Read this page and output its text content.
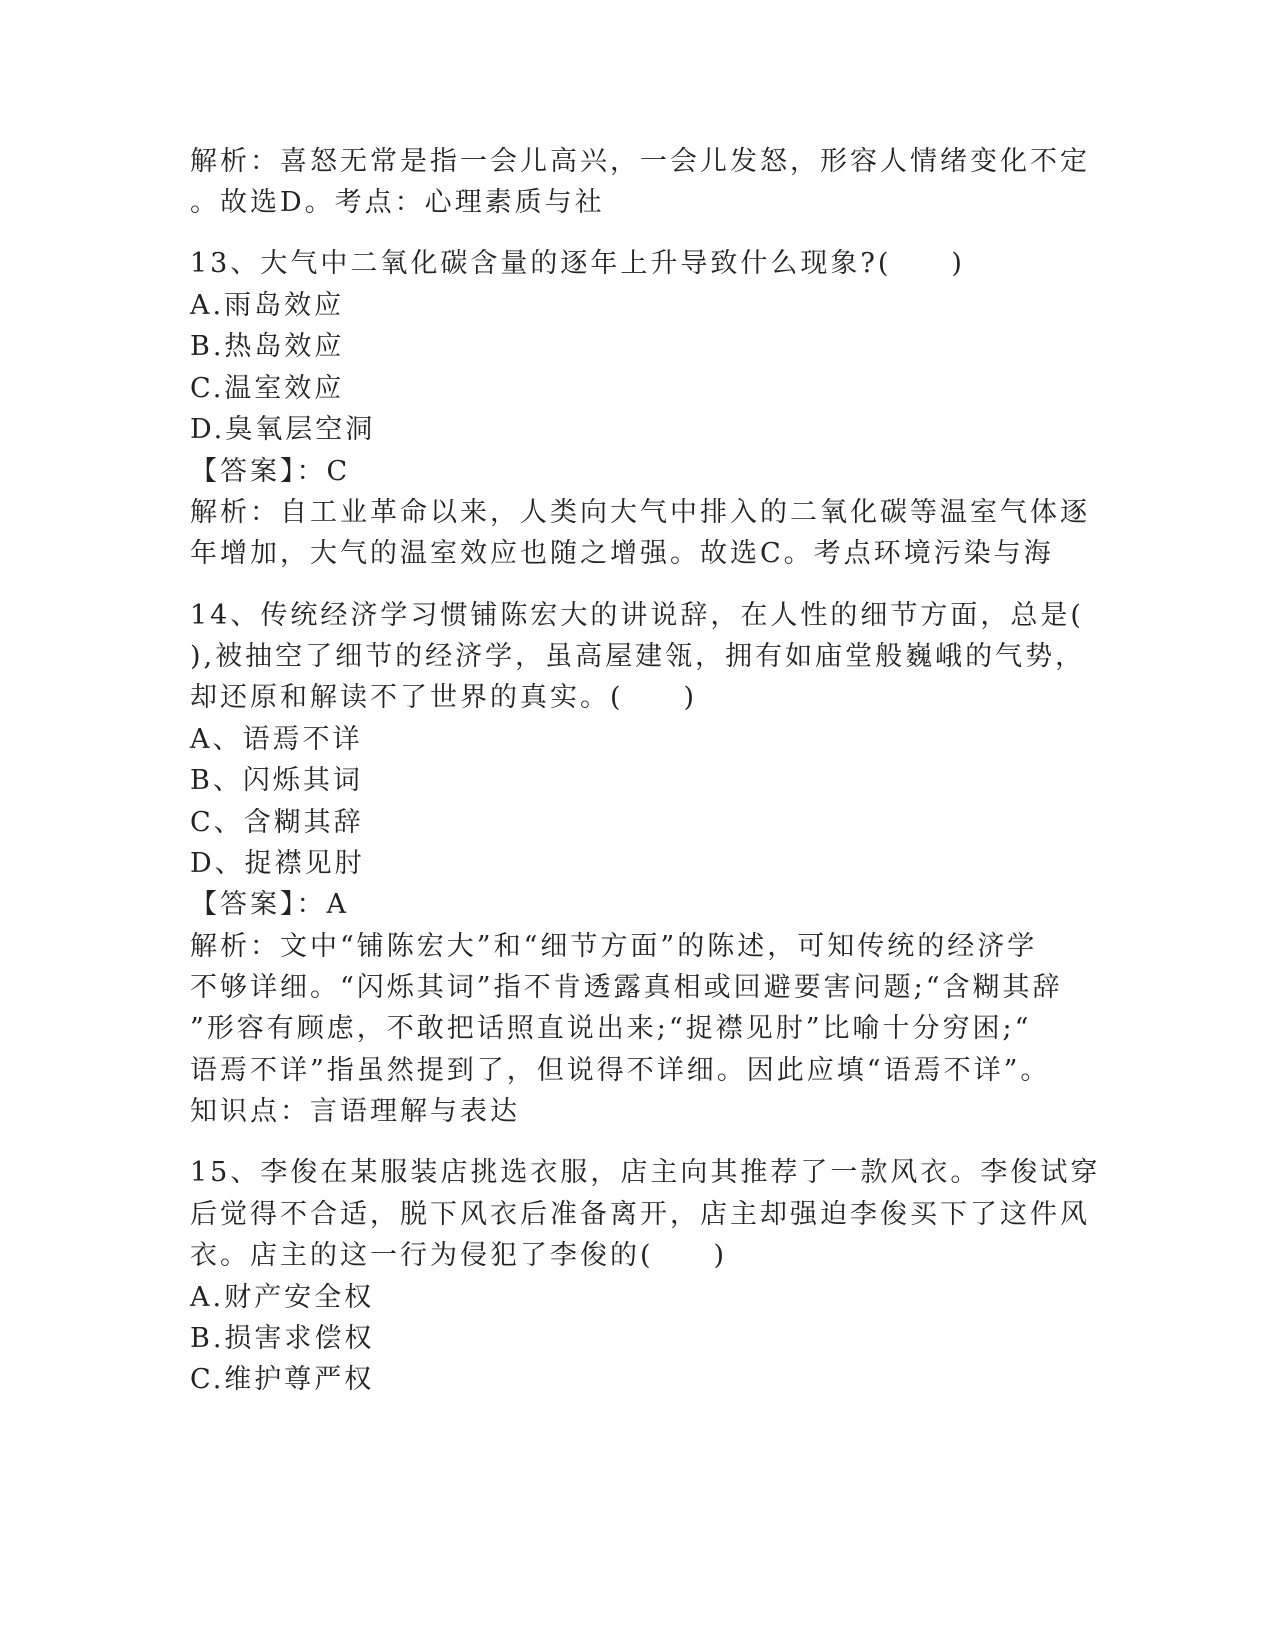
解析：喜怒无常是指一会儿高兴，一会儿发怒，形容人情绪变化不定
。故选D。考点：心理素质与社
13、大气中二氧化碳含量的逐年上升导致什么现象?(　　)
A.雨岛效应
B.热岛效应
C.温室效应
D.臭氧层空洞
【答案】：C
解析：自工业革命以来，人类向大气中排入的二氧化碳等温室气体逐
年增加，大气的温室效应也随之增强。故选C。考点环境污染与海
14、传统经济学习惯铺陈宏大的讲说辞，在人性的细节方面，总是(
),被抽空了细节的经济学，虽高屋建瓴，拥有如庙堂般巍峨的气势，
却还原和解读不了世界的真实。(　　)
A、语焉不详
B、闪烁其词
C、含糊其辞
D、捉襟见肘
【答案】：A
解析：文中“铺陈宏大”和“细节方面”的陈述，可知传统的经济学
不够详细。“闪烁其词”指不肯透露真相或回避要害问题;“含糊其辞
”形容有顾虑，不敢把话照直说出来;“捉襟见肘”比喻十分穷困;“
语焉不详”指虽然提到了，但说得不详细。因此应填“语焉不详”。
知识点：言语理解与表达
15、李俊在某服装店挑选衣服，店主向其推荐了一款风衣。李俊试穿
后觉得不合适，脱下风衣后准备离开，店主却强迫李俊买下了这件风
衣。店主的这一行为侵犯了李俊的(　　)
A.财产安全权
B.损害求偿权
C.维护尊严权
